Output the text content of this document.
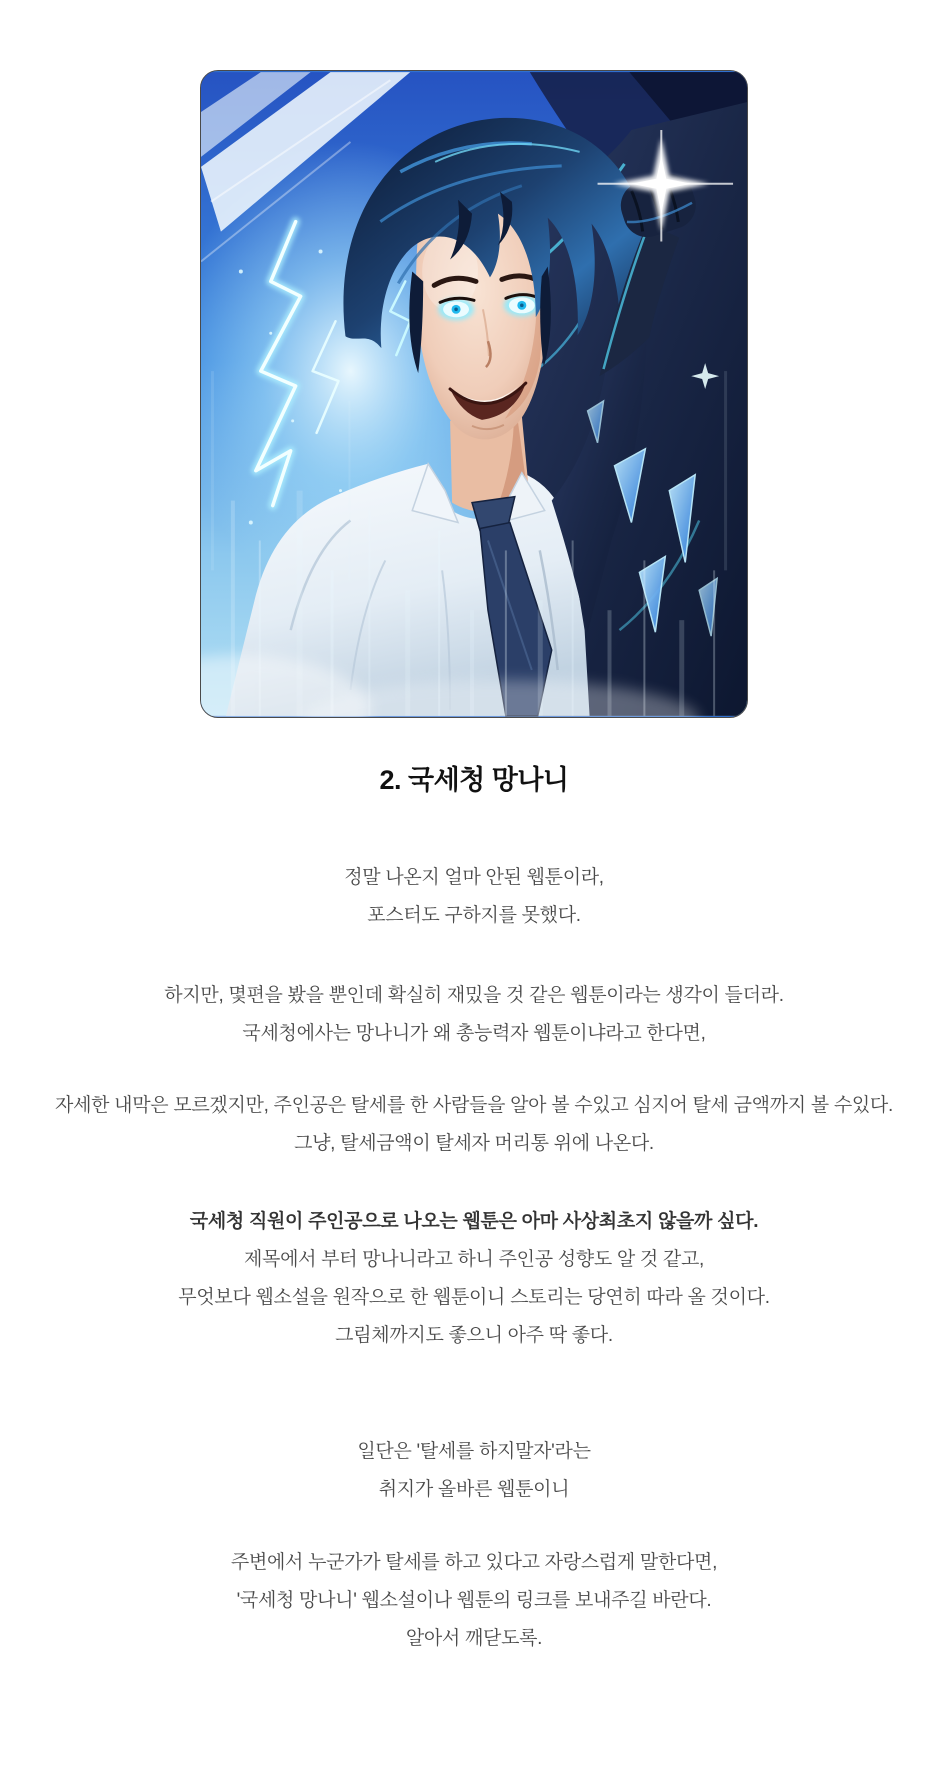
2. 국세청 망나니

정말 나온지 얼마 안된 웹툰이라,

포스터도 구하지를 못했다.

하지만, 몇편을 봤을 뿐인데 확실히 재밌을 것 같은 웹툰이라는 생각이 들더라.

국세청에사는 망나니가 왜 총능력자 웹툰이냐라고 한다면,

자세한 내막은 모르겠지만, 주인공은 탈세를 한 사람들을 알아 볼 수있고 심지어 탈세 금액까지 볼 수있다.

그냥, 탈세금액이 탈세자 머리통 위에 나온다.

국세청 직원이 주인공으로 나오는 웹툰은 아마 사상최초지 않을까 싶다.

제목에서 부터 망나니라고 하니 주인공 성향도 알 것 같고,

무엇보다 웹소설을 원작으로 한 웹툰이니 스토리는 당연히 따라 올 것이다.

그림체까지도 좋으니 아주 딱 좋다.

일단은 '탈세를 하지말자'라는

취지가 올바른 웹툰이니

주변에서 누군가가 탈세를 하고 있다고 자랑스럽게 말한다면,

'국세청 망나니' 웹소설이나 웹툰의 링크를 보내주길 바란다.

알아서 깨닫도록.
